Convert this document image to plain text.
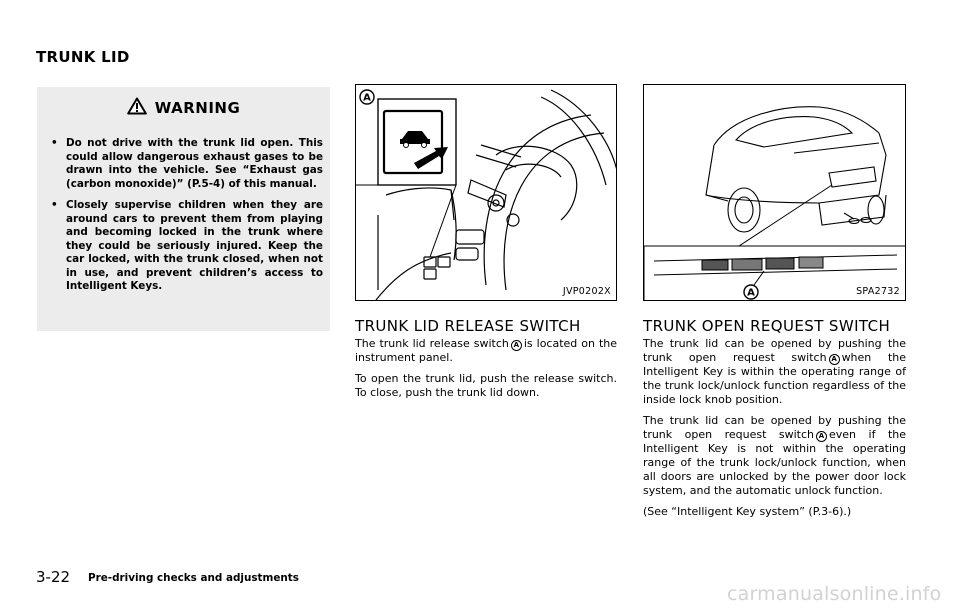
TRUNK LID
WARNING
• Do not drive with the trunk lid open. This could allow dangerous exhaust gases to be drawn into the vehicle. See “Exhaust gas (carbon monoxide)” (P.5-4) of this manual.
• Closely supervise children when they are around cars to prevent them from playing and becoming locked in the trunk where they could be seriously injured. Keep the car locked, with the trunk closed, when not in use, and prevent children’s access to Intelligent Keys.
A
JVP0202X	A	SPA2732
TRUNK LID RELEASE SWITCH

The trunk lid release switch A is located on the instrument panel.

To open the trunk lid, push the release switch. To close, push the trunk lid down.

TRUNK OPEN REQUEST SWITCH

The trunk lid can be opened by pushing the trunk open request switch A when the Intelligent Key is within the operating range of the trunk lock/unlock function regardless of the inside lock knob position.

The trunk lid can be opened by pushing the trunk open request switch A even if the Intelligent Key is not within the operating range of the trunk lock/unlock function, when all doors are unlocked by the power door lock system, and the automatic unlock function.

(See “Intelligent Key system” (P.3-6).)

3-22 Pre-driving checks and adjustments
carmanualsonline.info
